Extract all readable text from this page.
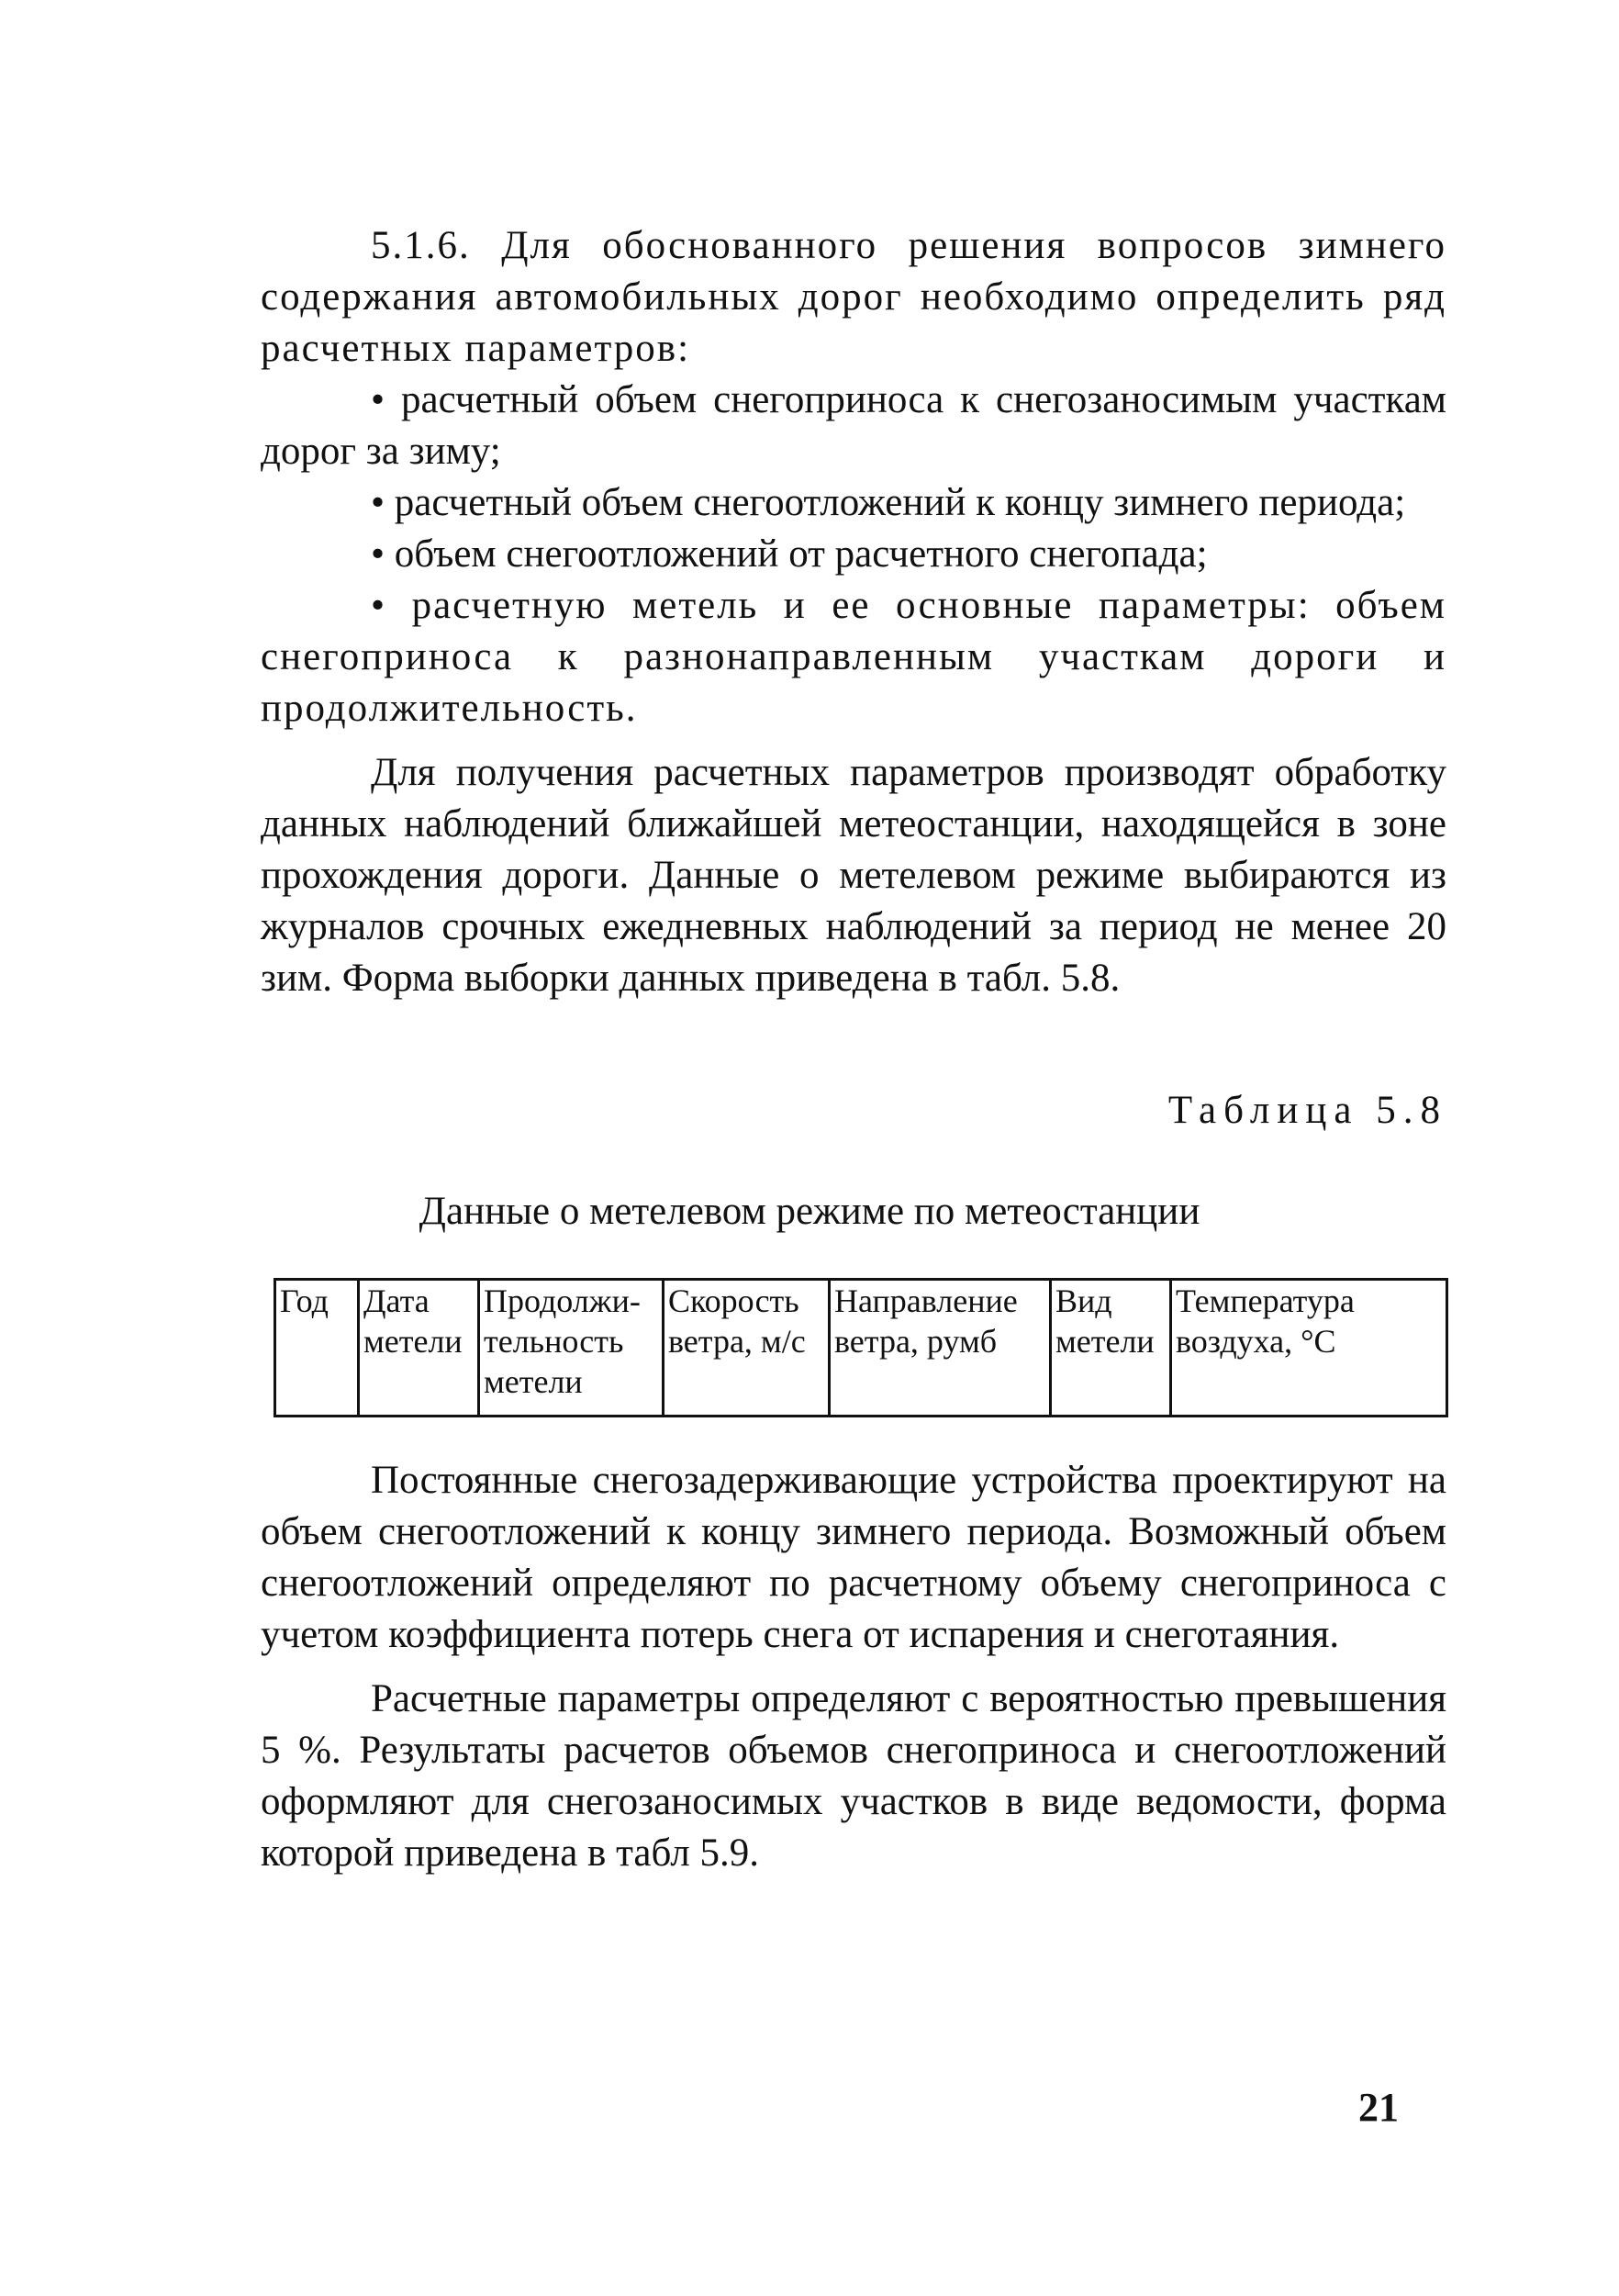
5.1.6. Для обоснованного решения вопросов зимнего содержания автомобильных дорог необходимо определить ряд расчетных параметров:

• расчетный объем снегоприноса к снегозаносимым участкам дорог за зиму;

• расчетный объем снегоотложений к концу зимнего периода;

• объем снегоотложений от расчетного снегопада;

• расчетную метель и ее основные параметры: объем снегоприноса к разнонаправленным участкам дороги и продолжительность.

Для получения расчетных параметров производят обработку данных наблюдений ближайшей метеостанции, находящейся в зоне прохождения дороги. Данные о метелевом режиме выбираются из журналов срочных ежедневных наблюдений за период не менее 20 зим. Форма выборки данных приведена в табл. 5.8.

Таблица 5.8
Данные о метелевом режиме по метеостанции
Год	Дата метели	Продолжи-тельность метели	Скорость ветра, м/с	Направление ветра, румб	Вид метели	Температура воздуха, °С

Постоянные снегозадерживающие устройства проектируют на объем снегоотложений к концу зимнего периода. Возможный объем снегоотложений определяют по расчетному объему снегоприноса с учетом коэффициента потерь снега от испарения и снеготаяния.

Расчетные параметры определяют с вероятностью превышения 5 %. Результаты расчетов объемов снегоприноса и снегоотложений оформляют для снегозаносимых участков в виде ведомости, форма которой приведена в табл 5.9.

21
